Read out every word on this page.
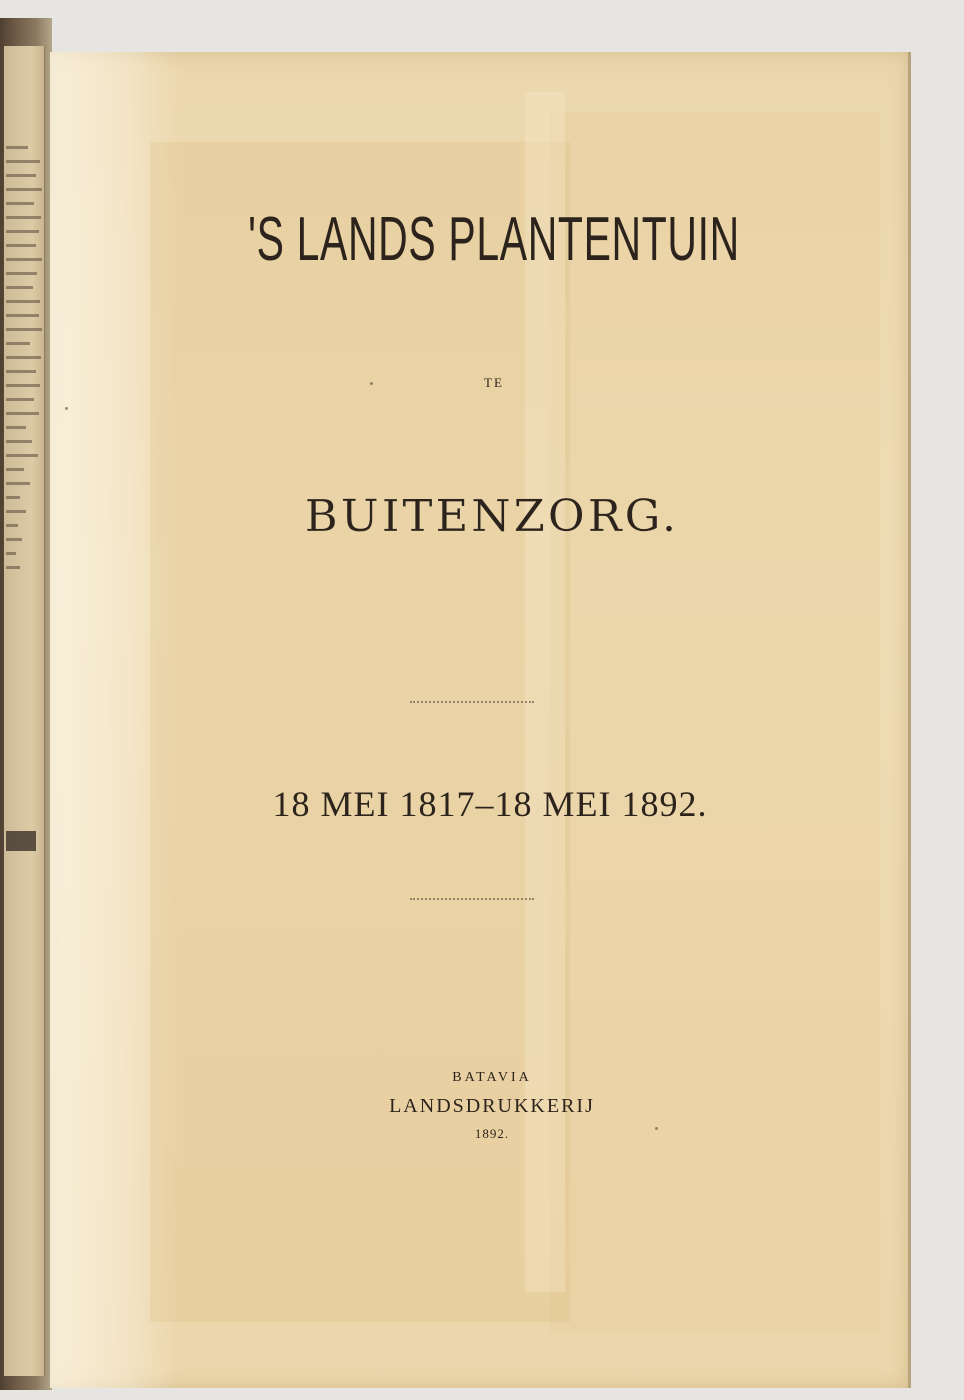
'S LANDS PLANTENTUIN
TE
BUITENZORG.
18 MEI 1817–18 MEI 1892.
BATAVIA
LANDSDRUKKERIJ
1892.
